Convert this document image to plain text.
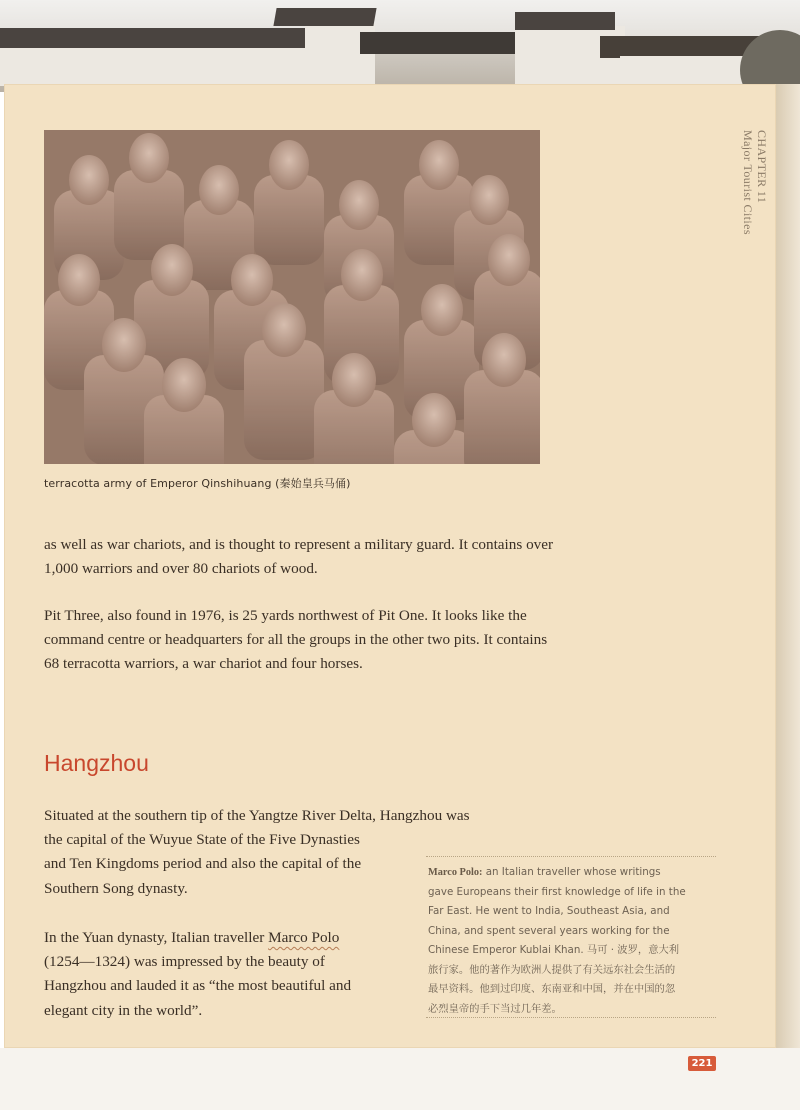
CHAPTER 11
Major Tourist Cities
terracotta army of Emperor Qinshihuang (秦始皇兵马俑)

as well as war chariots, and is thought to represent a military guard. It contains over 1,000 warriors and over 80 chariots of wood.

Pit Three, also found in 1976, is 25 yards northwest of Pit One. It looks like the command centre or headquarters for all the groups in the other two pits. It contains 68 terracotta warriors, a war chariot and four horses.

Hangzhou

Situated at the southern tip of the Yangtze River Delta, Hangzhou was
the capital of the Wuyue State of the Five Dynasties
and Ten Kingdoms period and also the capital of the
Southern Song dynasty.

In the Yuan dynasty, Italian traveller Marco Polo
(1254—1324) was impressed by the beauty of
Hangzhou and lauded it as “the most beautiful and
elegant city in the world”.

Marco Polo: an Italian traveller whose writings
gave Europeans their first knowledge of life in the
Far East. He went to India, Southeast Asia, and
China, and spent several years working for the
Chinese Emperor Kublai Khan. 马可 · 波罗，意大利
旅行家。他的著作为欧洲人提供了有关远东社会生活的
最早资料。他到过印度、东南亚和中国，并在中国的忽
必烈皇帝的手下当过几年差。
221
